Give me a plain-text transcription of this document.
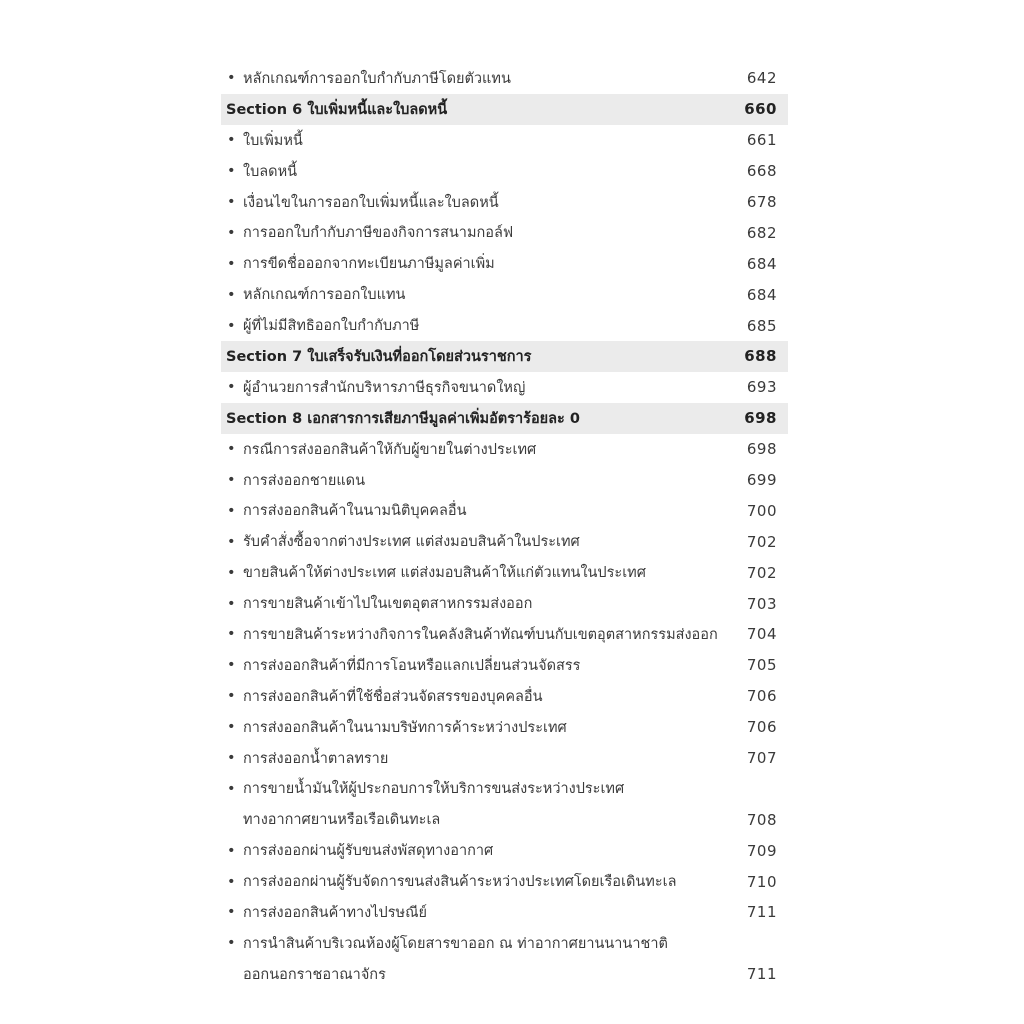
• หลักเกณฑ์การออกใบกำกับภาษีโดยตัวแทน	642
Section 6 ใบเพิ่มหนี้และใบลดหนี้	660
• ใบเพิ่มหนี้	661
• ใบลดหนี้	668
• เงื่อนไขในการออกใบเพิ่มหนี้และใบลดหนี้	678
• การออกใบกำกับภาษีของกิจการสนามกอล์ฟ	682
• การขีดชื่อออกจากทะเบียนภาษีมูลค่าเพิ่ม	684
• หลักเกณฑ์การออกใบแทน	684
• ผู้ที่ไม่มีสิทธิออกใบกำกับภาษี	685
Section 7 ใบเสร็จรับเงินที่ออกโดยส่วนราชการ	688
• ผู้อำนวยการสำนักบริหารภาษีธุรกิจขนาดใหญ่	693
Section 8 เอกสารการเสียภาษีมูลค่าเพิ่มอัตราร้อยละ 0	698
• กรณีการส่งออกสินค้าให้กับผู้ขายในต่างประเทศ	698
• การส่งออกชายแดน	699
• การส่งออกสินค้าในนามนิติบุคคลอื่น	700
• รับคำสั่งซื้อจากต่างประเทศ แต่ส่งมอบสินค้าในประเทศ	702
• ขายสินค้าให้ต่างประเทศ แต่ส่งมอบสินค้าให้แก่ตัวแทนในประเทศ	702
• การขายสินค้าเข้าไปในเขตอุตสาหกรรมส่งออก	703
• การขายสินค้าระหว่างกิจการในคลังสินค้าทัณฑ์บนกับเขตอุตสาหกรรมส่งออก	704
• การส่งออกสินค้าที่มีการโอนหรือแลกเปลี่ยนส่วนจัดสรร	705
• การส่งออกสินค้าที่ใช้ชื่อส่วนจัดสรรของบุคคลอื่น	706
• การส่งออกสินค้าในนามบริษัทการค้าระหว่างประเทศ	706
• การส่งออกน้ำตาลทราย	707
• การขายน้ำมันให้ผู้ประกอบการให้บริการขนส่งระหว่างประเทศ
ทางอากาศยานหรือเรือเดินทะเล	708
• การส่งออกผ่านผู้รับขนส่งพัสดุทางอากาศ	709
• การส่งออกผ่านผู้รับจัดการขนส่งสินค้าระหว่างประเทศโดยเรือเดินทะเล	710
• การส่งออกสินค้าทางไปรษณีย์	711
• การนำสินค้าบริเวณห้องผู้โดยสารขาออก ณ ท่าอากาศยานนานาชาติ
ออกนอกราชอาณาจักร	711
